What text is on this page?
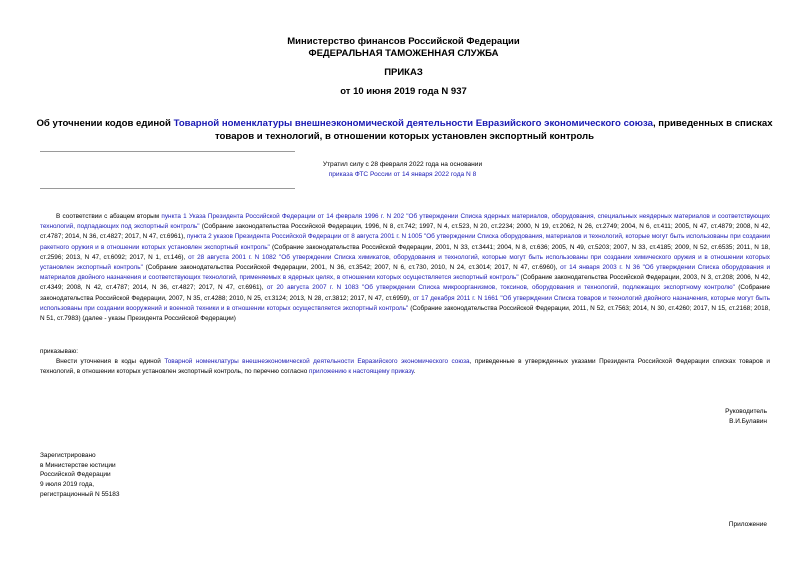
Министерство финансов Российской Федерации
ФЕДЕРАЛЬНАЯ ТАМОЖЕННАЯ СЛУЖБА
ПРИКАЗ
от 10 июня 2019 года N 937
Об уточнении кодов единой Товарной номенклатуры внешнеэкономической деятельности Евразийского экономического союза, приведенных в списках товаров и технологий, в отношении которых установлен экспортный контроль
Утратил силу с 28 февраля 2022 года на основании
приказа ФТС России от 14 января 2022 года N 8

В соответствии с абзацем вторым пункта 1 Указа Президента Российской Федерации от 14 февраля 1996 г. N 202 "Об утверждении Списка ядерных материалов, оборудования, специальных неядерных материалов и соответствующих технологий, подпадающих под экспортный контроль" (Собрание законодательства Российской Федерации, 1996, N 8, ст.742; 1997, N 4, ст.523, N 20, ст.2234; 2000, N 19, ст.2062, N 26, ст.2749; 2004, N 6, ст.411; 2005, N 47, ст.4879; 2008, N 42, ст.4787; 2014, N 36, ст.4827; 2017, N 47, ст.6961), пункта 2 указов Президента Российской Федерации от 8 августа 2001 г. N 1005 "Об утверждении Списка оборудования, материалов и технологий, которые могут быть использованы при создании ракетного оружия и в отношении которых установлен экспортный контроль" (Собрание законодательства Российской Федерации, 2001, N 33, ст.3441; 2004, N 8, ст.636; 2005, N 49, ст.5203; 2007, N 33, ст.4185; 2009, N 52, ст.6535; 2011, N 18, ст.2596; 2013, N 47, ст.6092; 2017, N 1, ст.146), от 28 августа 2001 г. N 1082 "Об утверждении Списка химикатов, оборудования и технологий, которые могут быть использованы при создании химического оружия и в отношении которых установлен экспортный контроль" (Собрание законодательства Российской Федерации, 2001, N 36, ст.3542; 2007, N 6, ст.730, 2010, N 24, ст.3014; 2017, N 47, ст.6960), от 14 января 2003 г. N 36 "Об утверждении Списка оборудования и материалов двойного назначения и соответствующих технологий, применяемых в ядерных целях, в отношении которых осуществляется экспортный контроль" (Собрание законодательства Российской Федерации, 2003, N 3, ст.208; 2006, N 42, ст.4349; 2008, N 42, ст.4787; 2014, N 36, ст.4827; 2017, N 47, ст.6961), от 20 августа 2007 г. N 1083 "Об утверждении Списка микроорганизмов, токсинов, оборудования и технологий, подлежащих экспортному контролю" (Собрание законодательства Российской Федерации, 2007, N 35, ст.4288; 2010, N 25, ст.3124; 2013, N 28, ст.3812; 2017, N 47, ст.6959), от 17 декабря 2011 г. N 1661 "Об утверждении Списка товаров и технологий двойного назначения, которые могут быть использованы при создании вооружений и военной техники и в отношении которых осуществляется экспортный контроль" (Собрание законодательства Российской Федерации, 2011, N 52, ст.7563; 2014, N 30, ст.4260; 2017, N 15, ст.2168; 2018, N 51, ст.7983) (далее - указы Президента Российской Федерации)

приказываю:

Внести уточнения в коды единой Товарной номенклатуры внешнеэкономической деятельности Евразийского экономического союза, приведенные в утвержденных указами Президента Российской Федерации списках товаров и технологий, в отношении которых установлен экспортный контроль, по перечню согласно приложению к настоящему приказу.

Руководитель
В.И.Булавин
Зарегистрировано
в Министерстве юстиции
Российской Федерации
9 июля 2019 года,
регистрационный N 55183
Приложение
